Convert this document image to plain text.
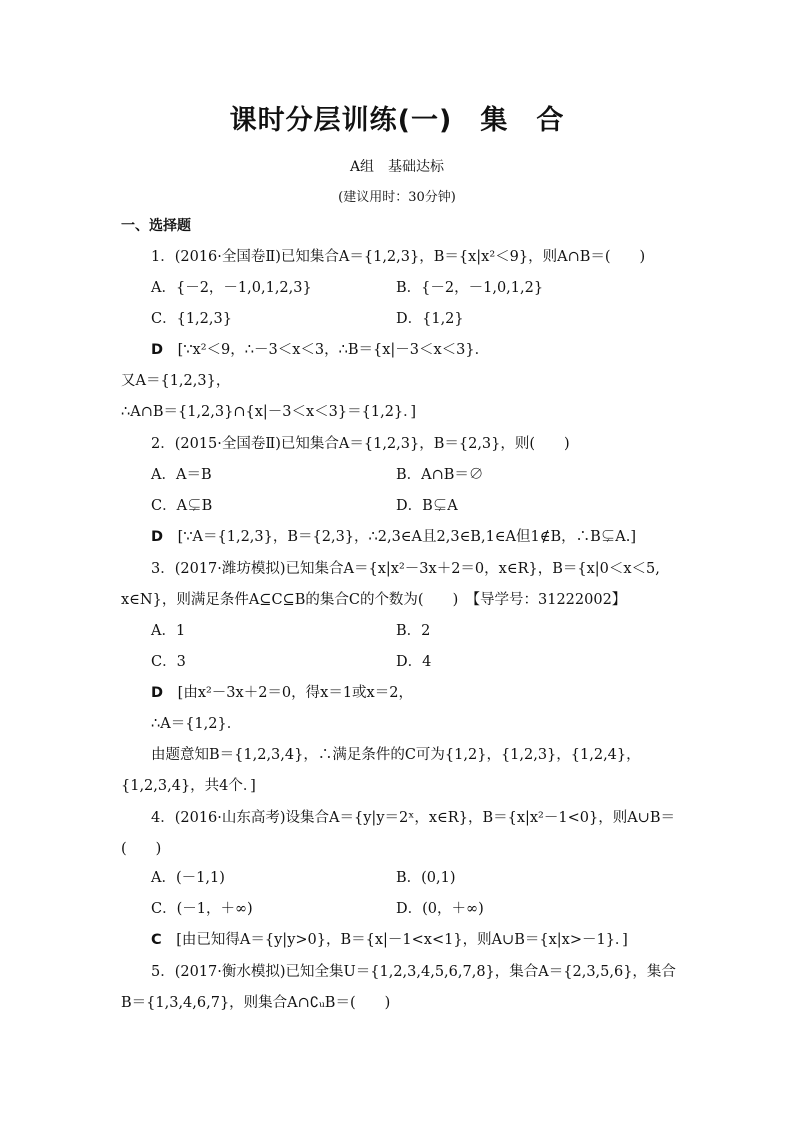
课时分层训练(一)　集　合
A组　基础达标
(建议用时：30分钟)
一、选择题
1．(2016·全国卷Ⅱ)已知集合A＝{1,2,3}，B＝{x|x²＜9}，则A∩B＝(　　)
A．{－2，－1,0,1,2,3}	B．{－2，－1,0,1,2}
C．{1,2,3}	D．{1,2}
D [∵x²＜9，∴－3＜x＜3，∴B＝{x|－3＜x＜3}．
又A＝{1,2,3}，
∴A∩B＝{1,2,3}∩{x|－3＜x＜3}＝{1,2}．]
2．(2015·全国卷Ⅱ)已知集合A＝{1,2,3}，B＝{2,3}，则(　　)
A．A＝B	B．A∩B＝∅
C．A⊊B	D．B⊊A
D [∵A＝{1,2,3}，B＝{2,3}，∴2,3∈A且2,3∈B,1∈A但1∉B，∴B⊊A.]
3．(2017·潍坊模拟)已知集合A＝{x|x²－3x＋2＝0，x∈R}，B＝{x|0＜x＜5,
x∈N}，则满足条件A⊆C⊆B的集合C的个数为(　　)　【导学号：31222002】
A．1	B．2
C．3	D．4
D [由x²－3x＋2＝0，得x＝1或x＝2，
∴A＝{1,2}．
由题意知B＝{1,2,3,4}，∴满足条件的C可为{1,2}，{1,2,3}，{1,2,4}，
{1,2,3,4}，共4个．]
4．(2016·山东高考)设集合A＝{y|y＝2ˣ，x∈R}，B＝{x|x²－1<0}，则A∪B＝
(　　)
A．(－1,1)	B．(0,1)
C．(－1，＋∞)	D．(0，＋∞)
C [由已知得A＝{y|y>0}，B＝{x|－1<x<1}，则A∪B＝{x|x>－1}．]
5．(2017·衡水模拟)已知全集U＝{1,2,3,4,5,6,7,8}，集合A＝{2,3,5,6}，集合
B＝{1,3,4,6,7}，则集合A∩∁ᵤB＝(　　)
